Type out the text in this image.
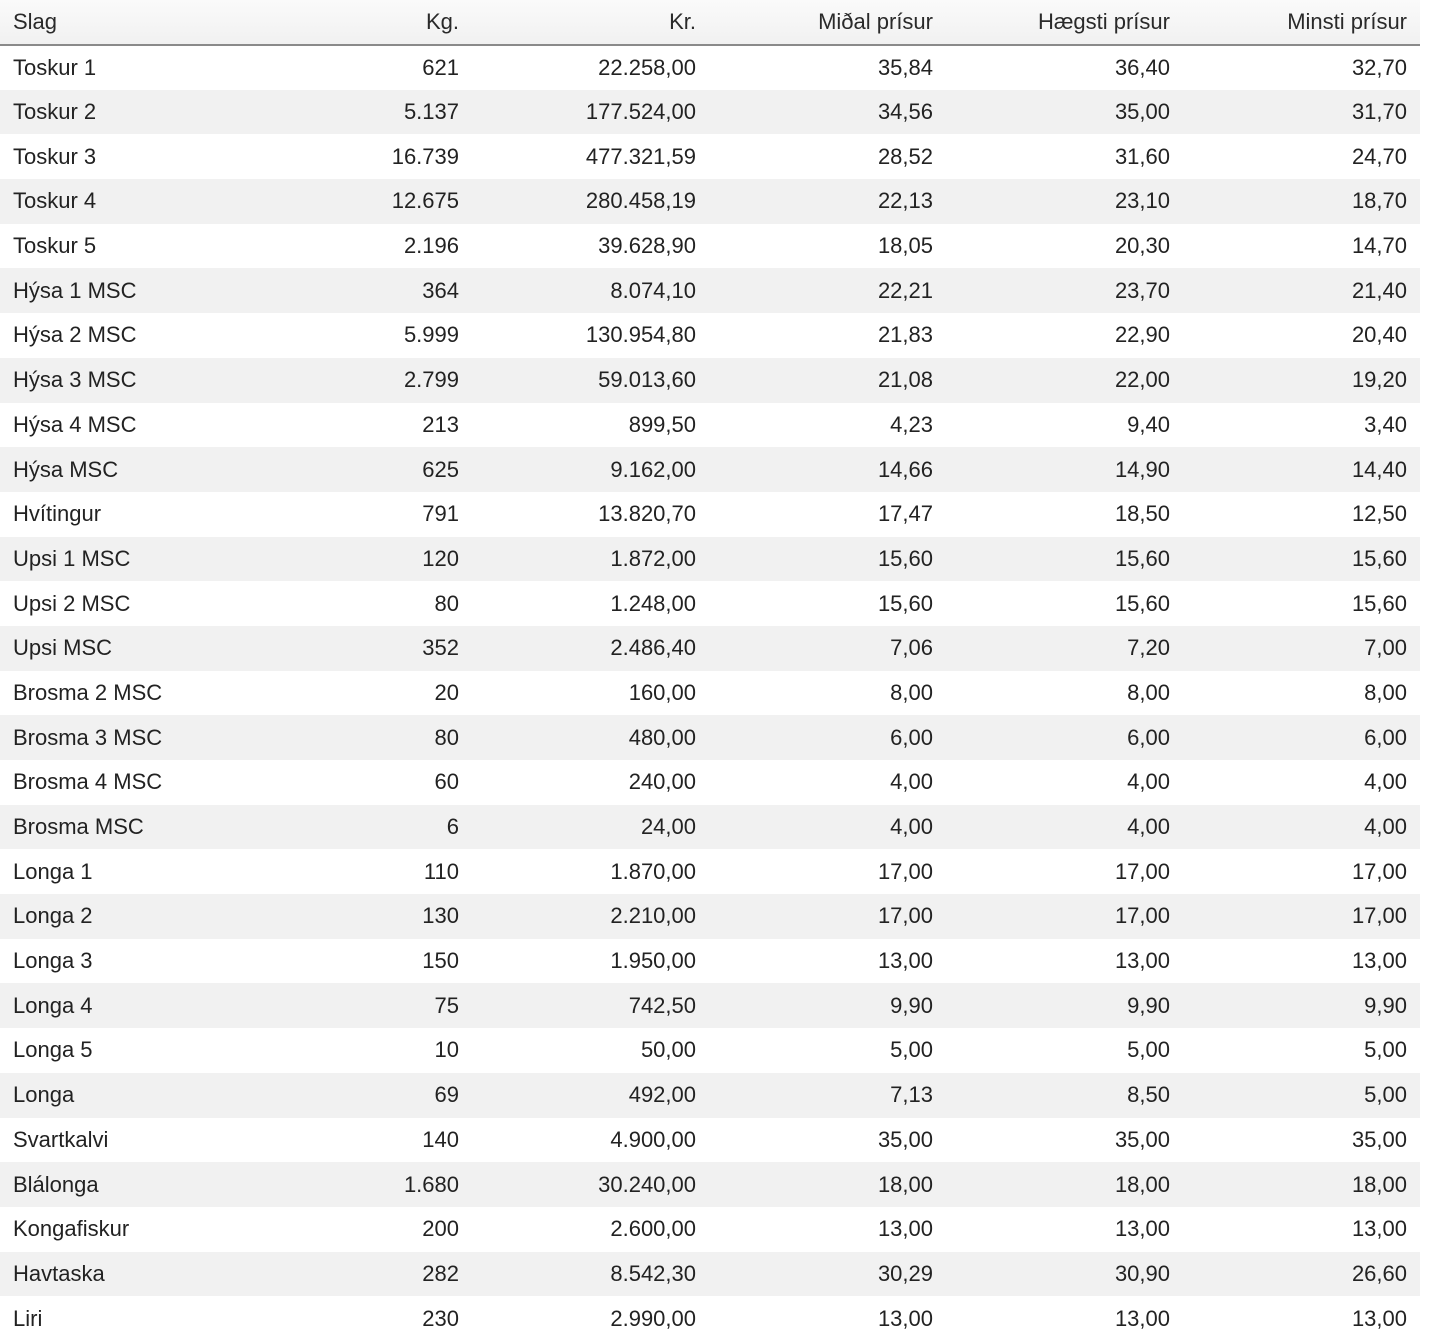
Slag	Kg.	Kr.	Miðal prísur	Hægsti prísur	Minsti prísur
Toskur 1	621	22.258,00	35,84	36,40	32,70
Toskur 2	5.137	177.524,00	34,56	35,00	31,70
Toskur 3	16.739	477.321,59	28,52	31,60	24,70
Toskur 4	12.675	280.458,19	22,13	23,10	18,70
Toskur 5	2.196	39.628,90	18,05	20,30	14,70
Hýsa 1 MSC	364	8.074,10	22,21	23,70	21,40
Hýsa 2 MSC	5.999	130.954,80	21,83	22,90	20,40
Hýsa 3 MSC	2.799	59.013,60	21,08	22,00	19,20
Hýsa 4 MSC	213	899,50	4,23	9,40	3,40
Hýsa MSC	625	9.162,00	14,66	14,90	14,40
Hvítingur	791	13.820,70	17,47	18,50	12,50
Upsi 1 MSC	120	1.872,00	15,60	15,60	15,60
Upsi 2 MSC	80	1.248,00	15,60	15,60	15,60
Upsi MSC	352	2.486,40	7,06	7,20	7,00
Brosma 2 MSC	20	160,00	8,00	8,00	8,00
Brosma 3 MSC	80	480,00	6,00	6,00	6,00
Brosma 4 MSC	60	240,00	4,00	4,00	4,00
Brosma MSC	6	24,00	4,00	4,00	4,00
Longa 1	110	1.870,00	17,00	17,00	17,00
Longa 2	130	2.210,00	17,00	17,00	17,00
Longa 3	150	1.950,00	13,00	13,00	13,00
Longa 4	75	742,50	9,90	9,90	9,90
Longa 5	10	50,00	5,00	5,00	5,00
Longa	69	492,00	7,13	8,50	5,00
Svartkalvi	140	4.900,00	35,00	35,00	35,00
Blálonga	1.680	30.240,00	18,00	18,00	18,00
Kongafiskur	200	2.600,00	13,00	13,00	13,00
Havtaska	282	8.542,30	30,29	30,90	26,60
Liri	230	2.990,00	13,00	13,00	13,00
